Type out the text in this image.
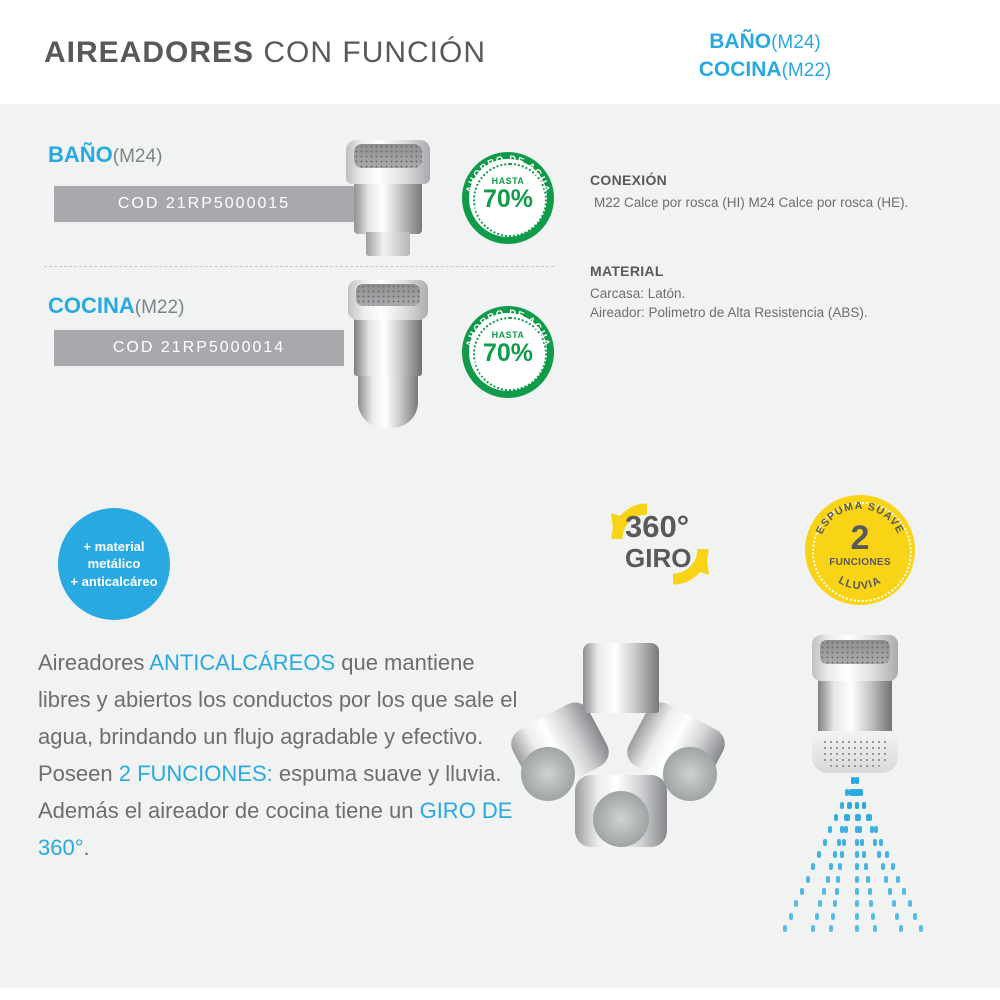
AIREADORES CON FUNCIÓN	BAÑO(M24)
COCINA(M22)
BAÑO(M24)
COD 21RP5000015
AHORRO DE AGUA
HASTA
70%
CALIDAD STRETTO
COCINA(M22)
COD 21RP5000014	AHORRO DE AGUA
HASTA
70%
CALIDAD STRETTO
CONEXIÓN
M22 Calce por rosca (HI) M24 Calce por rosca (HE).
MATERIAL
Carcasa: Latón.
Aireador: Polimetro de Alta Resistencia (ABS).
+ material
metálico
+ anticalcáreo
360°
GIRO
ESPUMA SUAVE
2
FUNCIONES
LLUVIA
Aireadores ANTICALCÁREOS que mantiene libres y abiertos los conductos por los que sale el agua, brindando un flujo agradable y efectivo. Poseen 2 FUNCIONES: espuma suave y lluvia. Además el aireador de cocina tiene un GIRO DE 360°.
